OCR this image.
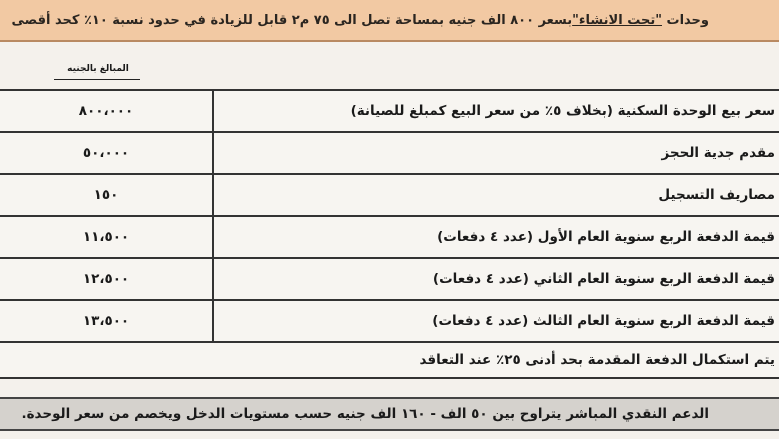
وحدات

"تحت الانشاء"
بسعر ٨٠٠ الف جنيه بمساحة تصل الى ٧٥ م٢ قابل للزيادة في حدود نسبة ١٠٪ كحد أقصى
المبالغ بالجنيه
سعر بيع الوحدة السكنية (بخلاف ٥٪ من سعر البيع كمبلغ للصيانة)
٨٠٠،٠٠٠
مقدم جدية الحجز
٥٠،٠٠٠
مصاريف التسجيل
١٥٠
قيمة الدفعة الربع سنوية العام الأول (عدد ٤ دفعات)
١١،٥٠٠
قيمة الدفعة الربع سنوية العام الثاني (عدد ٤ دفعات)
١٢،٥٠٠
قيمة الدفعة الربع سنوية العام الثالث (عدد ٤ دفعات)
١٣،٥٠٠
يتم استكمال الدفعة المقدمة بحد أدنى ٢٥٪ عند التعاقد
الدعم النقدي المباشر يتراوح بين ٥٠ الف - ١٦٠ الف جنيه حسب مستويات الدخل ويخصم من سعر الوحدة.
